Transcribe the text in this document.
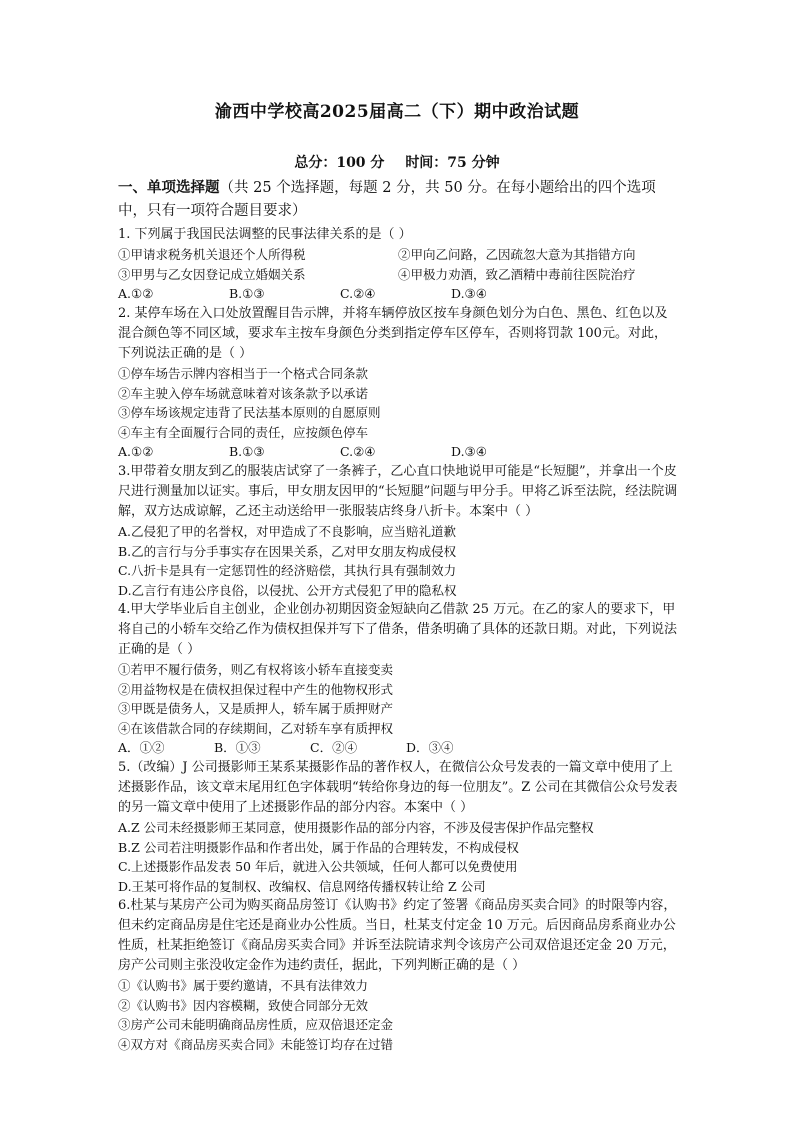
渝西中学校高2025届高二（下）期中政治试题
总分：100 分 时间：75 分钟
一、单项选择题（共 25 个选择题，每题 2 分，共 50 分。在每小题给出的四个选项中，只有一项符合题目要求）
1. 下列属于我国民法调整的民事法律关系的是（ ）
①甲请求税务机关退还个人所得税	②甲向乙问路，乙因疏忽大意为其指错方向
③甲男与乙女因登记成立婚姻关系	④甲极力劝酒，致乙酒精中毒前往医院治疗
A.①②	B.①③	C.②④	D.③④
2. 某停车场在入口处放置醒目告示牌，并将车辆停放区按车身颜色划分为白色、黑色、红色以及混合颜色等不同区域，要求车主按车身颜色分类到指定停车区停车，否则将罚款 100元。对此，下列说法正确的是（ ）
①停车场告示牌内容相当于一个格式合同条款
②车主驶入停车场就意味着对该条款予以承诺
③停车场该规定违背了民法基本原则的自愿原则
④车主有全面履行合同的责任，应按颜色停车
A.①②	B.①③	C.②④	D.③④
3.甲带着女朋友到乙的服装店试穿了一条裤子，乙心直口快地说甲可能是“长短腿”，并拿出一个皮尺进行测量加以证实。事后，甲女朋友因甲的“长短腿”问题与甲分手。甲将乙诉至法院，经法院调解，双方达成谅解，乙还主动送给甲一张服装店终身八折卡。本案中（ ）
A.乙侵犯了甲的名誉权，对甲造成了不良影响，应当赔礼道歉
B.乙的言行与分手事实存在因果关系，乙对甲女朋友构成侵权
C.八折卡是具有一定惩罚性的经济赔偿，其执行具有强制效力
D.乙言行有违公序良俗，以侵扰、公开方式侵犯了甲的隐私权
4.甲大学毕业后自主创业，企业创办初期因资金短缺向乙借款 25 万元。在乙的家人的要求下，甲将自己的小轿车交给乙作为债权担保并写下了借条，借条明确了具体的还款日期。对此，下列说法正确的是（ ）
①若甲不履行债务，则乙有权将该小轿车直接变卖
②用益物权是在债权担保过程中产生的他物权形式
③甲既是债务人，又是质押人，轿车属于质押财产
④在该借款合同的存续期间，乙对轿车享有质押权
A．①②	B．①③	C．②④	D．③④
5.（改编）J 公司摄影师王某系某摄影作品的著作权人，在微信公众号发表的一篇文章中使用了上述摄影作品，该文章末尾用红色字体载明“转给你身边的每一位朋友”。Z 公司在其微信公众号发表的另一篇文章中使用了上述摄影作品的部分内容。本案中（ ）
A.Z 公司未经摄影师王某同意，使用摄影作品的部分内容，不涉及侵害保护作品完整权
B.Z 公司若注明摄影作品和作者出处，属于作品的合理转发，不构成侵权
C.上述摄影作品发表 50 年后，就进入公共领域，任何人都可以免费使用
D.王某可将作品的复制权、改编权、信息网络传播权转让给 Z 公司
6.杜某与某房产公司为购买商品房签订《认购书》约定了签署《商品房买卖合同》的时限等内容，但未约定商品房是住宅还是商业办公性质。当日，杜某支付定金 10 万元。后因商品房系商业办公性质，杜某拒绝签订《商品房买卖合同》并诉至法院请求判令该房产公司双倍退还定金 20 万元，房产公司则主张没收定金作为违约责任，据此，下列判断正确的是（ ）
①《认购书》属于要约邀请，不具有法律效力
②《认购书》因内容模糊，致使合同部分无效
③房产公司未能明确商品房性质，应双倍退还定金
④双方对《商品房买卖合同》未能签订均存在过错
